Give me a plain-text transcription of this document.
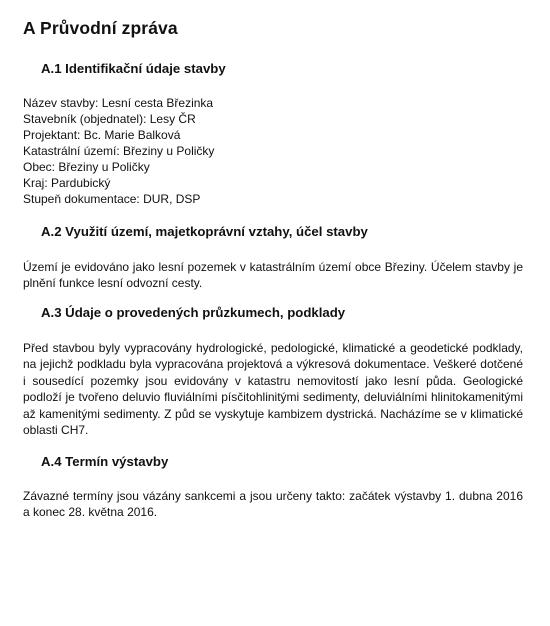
A Průvodní zpráva
A.1 Identifikační údaje stavby

Název stavby: Lesní cesta Březinka

Stavebník (objednatel): Lesy ČR

Projektant: Bc. Marie Balková

Katastrální území: Březiny u Poličky

Obec: Březiny u Poličky

Kraj: Pardubický

Stupeň dokumentace: DUR, DSP

A.2 Využití území, majetkoprávní vztahy, účel stavby

Území je evidováno jako lesní pozemek v katastrálním území obce Březiny. Účelem stavby je plnění funkce lesní odvozní cesty.

A.3 Údaje o provedených průzkumech, podklady

Před stavbou byly vypracovány hydrologické, pedologické, klimatické a geodetické podklady, na jejichž podkladu byla vypracována projektová a výkresová dokumentace. Veškeré dotčené i sousedící pozemky jsou evidovány v katastru nemovitostí jako lesní půda. Geologické podloží je tvořeno deluvio fluviálními písčitohlinitými sedimenty, deluviálními hlinitokamenitými až kamenitými sedimenty. Z půd se vyskytuje kambizem dystrická. Nacházíme se v klimatické oblasti CH7.

A.4 Termín výstavby

Závazné termíny jsou vázány sankcemi a jsou určeny takto: začátek výstavby 1. dubna 2016 a konec 28. května 2016.
